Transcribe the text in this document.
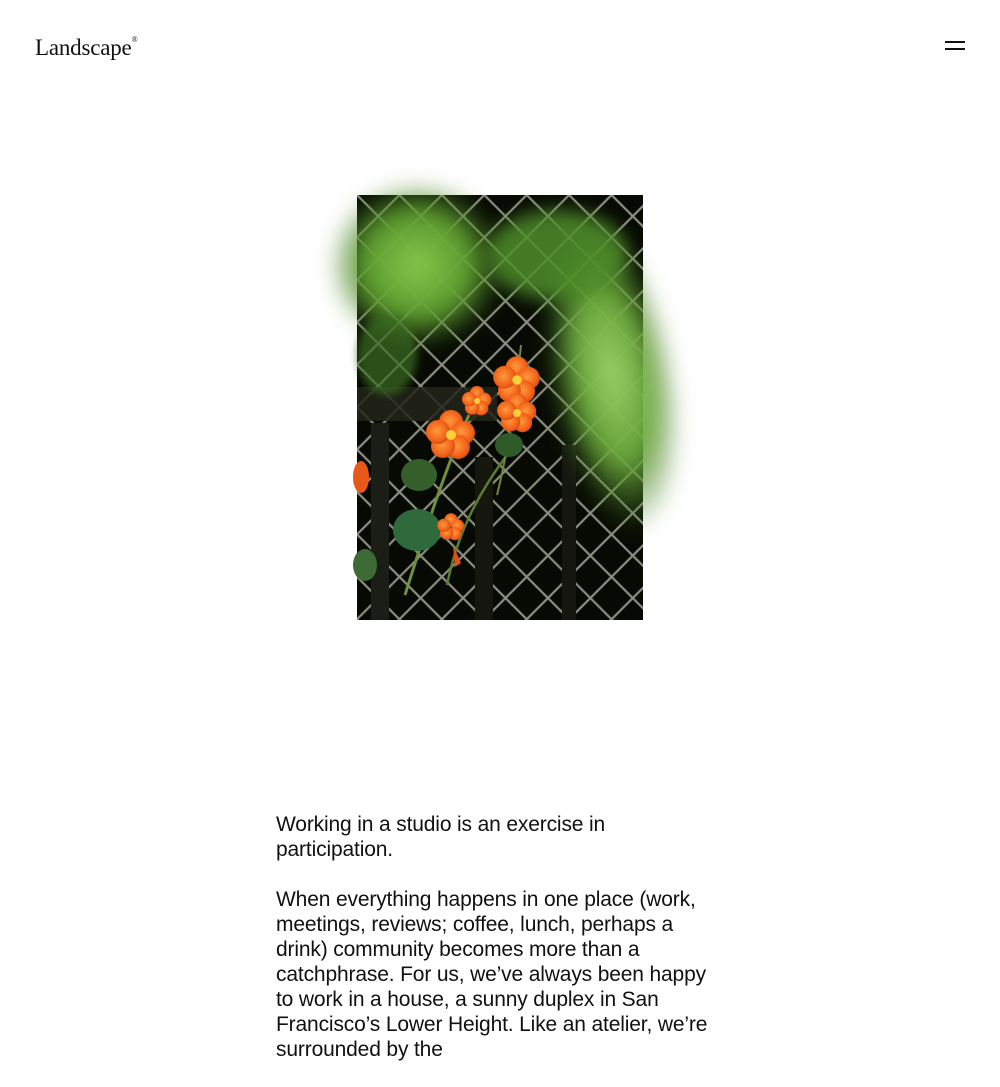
Landscape ®

Working in a studio is an exercise in participation.

When everything happens in one place (work, meetings, reviews; coffee, lunch, perhaps a drink) community becomes more than a catchphrase. For us, we’ve always been happy to work in a house, a sunny duplex in San Francisco’s Lower Height. Like an atelier, we’re surrounded by the
